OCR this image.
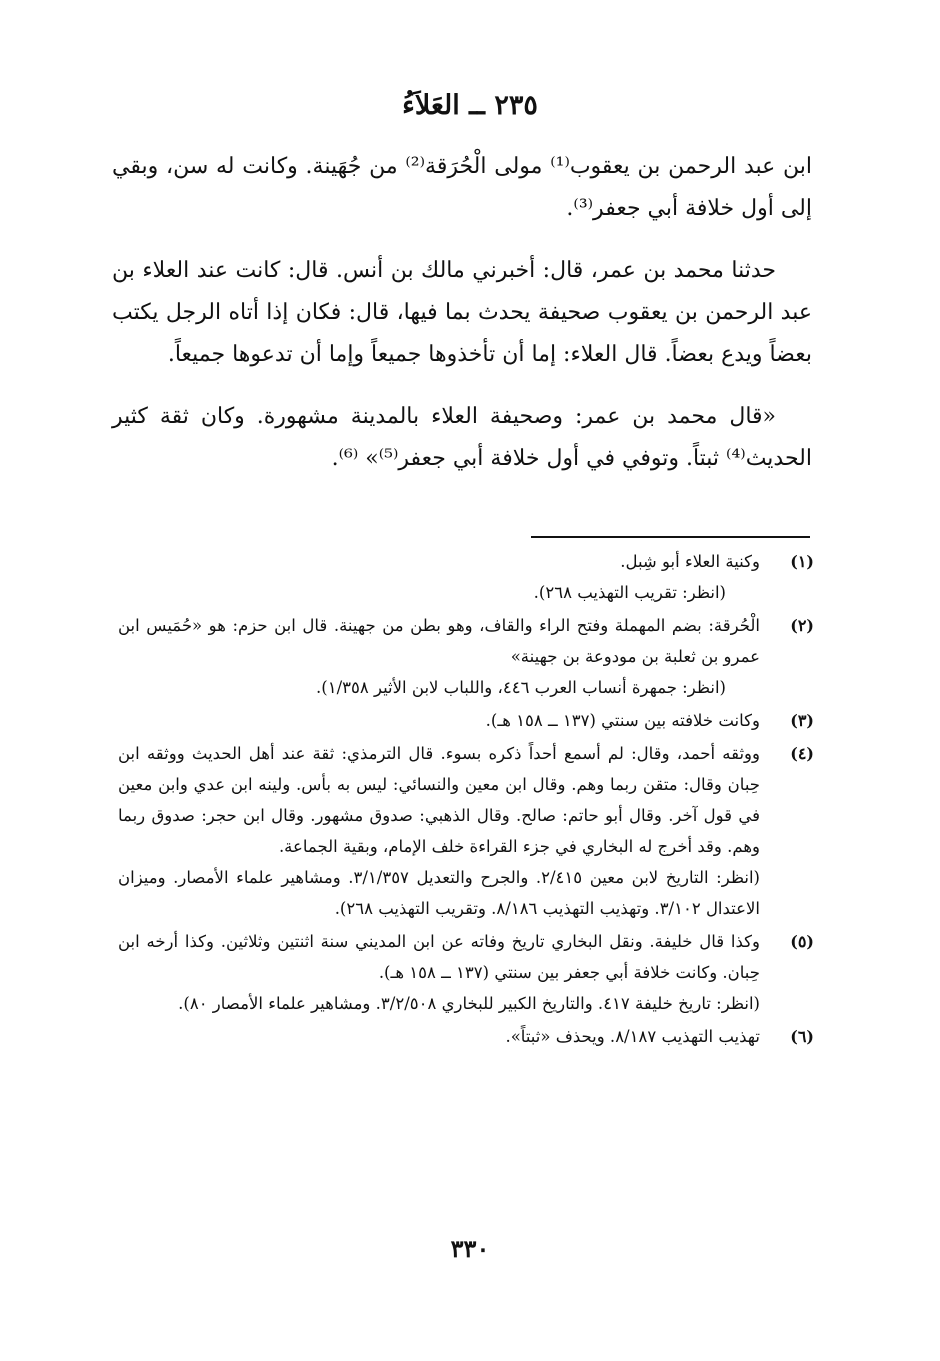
٢٣٥ ــ العَلاَءُ

ابن عبد الرحمن بن يعقوب⁽¹⁾ مولى الْحُرَقة⁽²⁾ من جُهَينة. وكانت له سن، وبقي إلى أول خلافة أبي جعفر⁽³⁾.

حدثنا محمد بن عمر، قال: أخبرني مالك بن أنس. قال: كانت عند العلاء بن عبد الرحمن بن يعقوب صحيفة يحدث بما فيها، قال: فكان إذا أتاه الرجل يكتب بعضاً ويدع بعضاً. قال العلاء: إما أن تأخذوها جميعاً وإما أن تدعوها جميعاً.

«قال محمد بن عمر: وصحيفة العلاء بالمدينة مشهورة. وكان ثقة كثير الحديث⁽⁴⁾ ثبتاً. وتوفي في أول خلافة أبي جعفر⁽⁵⁾» ⁽⁶⁾.

(١)

وكنية العلاء أبو شِبل.

(انظر: تقريب التهذيب ٢٦٨).

(٢)

الْحُرقة: بضم المهملة وفتح الراء والقاف، وهو بطن من جهينة. قال ابن حزم: هو «حُمَيس ابن عمرو بن ثعلبة بن مودوعة بن جهينة»

(انظر: جمهرة أنساب العرب ٤٤٦، واللباب لابن الأثير ١/٣٥٨).

(٣)

وكانت خلافته بين سنتي (١٣٧ ــ ١٥٨ هـ).

(٤)

ووثقه أحمد، وقال: لم أسمع أحداً ذكره بسوء. قال الترمذي: ثقة عند أهل الحديث ووثقه ابن حِبان وقال: متقن ربما وهم. وقال ابن معين والنسائي: ليس به بأس. ولينه ابن عدي وابن معين في قول آخر. وقال أبو حاتم: صالح. وقال الذهبي: صدوق مشهور. وقال ابن حجر: صدوق ربما وهم. وقد أخرج له البخاري في جزء القراءة خلف الإمام، وبقية الجماعة.

(انظر: التاريخ لابن معين ٢/٤١٥. والجرح والتعديل ٣/١/٣٥٧. ومشاهير علماء الأمصار. وميزان الاعتدال ٣/١٠٢. وتهذيب التهذيب ٨/١٨٦. وتقريب التهذيب ٢٦٨).

(٥)

وكذا قال خليفة. ونقل البخاري تاريخ وفاته عن ابن المديني سنة اثنتين وثلاثين. وكذا أرخه ابن حِبان. وكانت خلافة أبي جعفر بين سنتي (١٣٧ ــ ١٥٨ هـ).

(انظر: تاريخ خليفة ٤١٧. والتاريخ الكبير للبخاري ٣/٢/٥٠٨. ومشاهير علماء الأمصار ٨٠).

(٦)

تهذيب التهذيب ٨/١٨٧. ويحذف «ثبتاً».

٣٣٠
